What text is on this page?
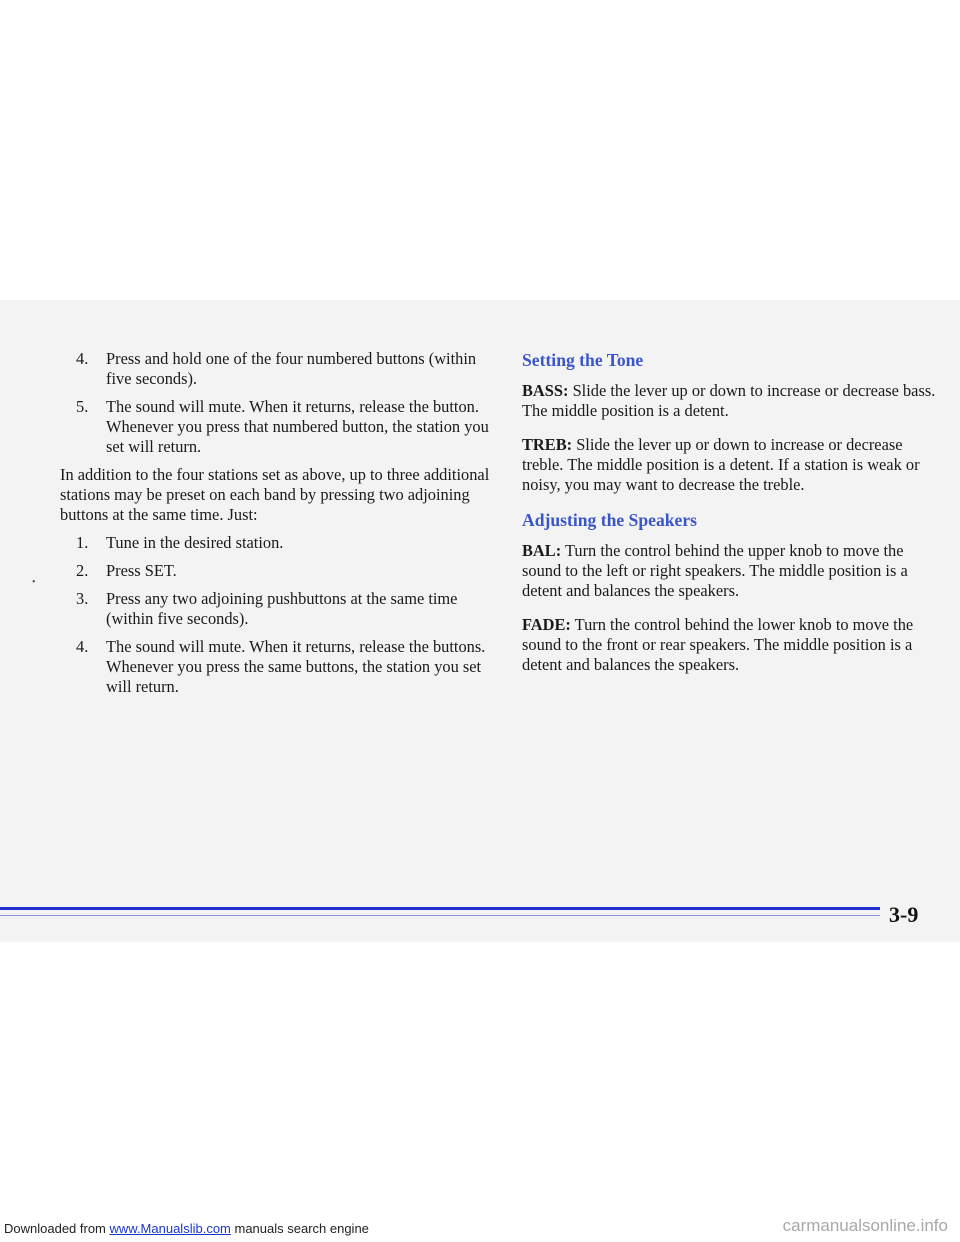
4. Press and hold one of the four numbered buttons (within five seconds).
5. The sound will mute. When it returns, release the button. Whenever you press that numbered button, the station you set will return.

In addition to the four stations set as above, up to three additional stations may be preset on each band by pressing two adjoining buttons at the same time. Just:

1. Tune in the desired station.
2. Press SET.
3. Press any two adjoining pushbuttons at the same time (within five seconds).
4. The sound will mute. When it returns, release the buttons. Whenever you press the same buttons, the station you set will return.
•
Setting the Tone

BASS: Slide the lever up or down to increase or decrease bass. The middle position is a detent.

TREB: Slide the lever up or down to increase or decrease treble. The middle position is a detent. If a station is weak or noisy, you may want to decrease the treble.

Adjusting the Speakers

BAL: Turn the control behind the upper knob to move the sound to the left or right speakers. The middle position is a detent and balances the speakers.

FADE: Turn the control behind the lower knob to move the sound to the front or rear speakers. The middle position is a detent and balances the speakers.

3-9
Downloaded from www.Manualslib.com manuals search engine	carmanualsonline.info
